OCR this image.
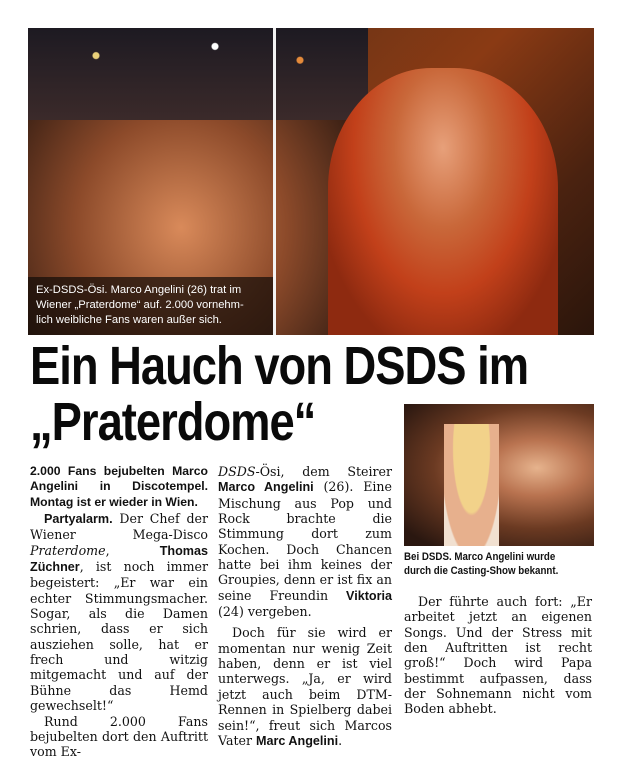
Ex-DSDS-Ösi. Marco Angelini (26) trat im
Wiener „Praterdome“ auf. 2.000 vornehm-
lich weibliche Fans waren außer sich.
Ein Hauch von DSDS im
„Praterdome“
Bei DSDS. Marco Angelini wurde durch die Casting-Show bekannt.
2.000 Fans bejubelten Marco Angelini in Discotempel. Montag ist er wieder in Wien.

Partyalarm. Der Chef der Wiener Mega-Disco Praterdome, Thomas Züchner, ist noch immer begeistert: „Er war ein echter Stimmungsmacher. Sogar, als die Damen schrien, dass er sich ausziehen solle, hat er frech und witzig mitgemacht und auf der Bühne das Hemd gewechselt!“

Rund 2.000 Fans bejubelten dort den Auftritt vom Ex-

DSDS-Ösi, dem Steirer Marco Angelini (26). Eine Mischung aus Pop und Rock brachte die Stimmung dort zum Kochen. Doch Chancen hatte bei ihm keines der Groupies, denn er ist fix an seine Freundin Viktoria (24) vergeben.

Doch für sie wird er momentan nur wenig Zeit haben, denn er ist viel unterwegs. „Ja, er wird jetzt auch beim DTM-Rennen in Spielberg dabei sein!“, freut sich Marcos Vater Marc Angelini.

Der führte auch fort: „Er arbeitet jetzt an eigenen Songs. Und der Stress mit den Auftritten ist recht groß!“ Doch wird Papa bestimmt aufpassen, dass der Sohnemann nicht vom Boden abhebt.
